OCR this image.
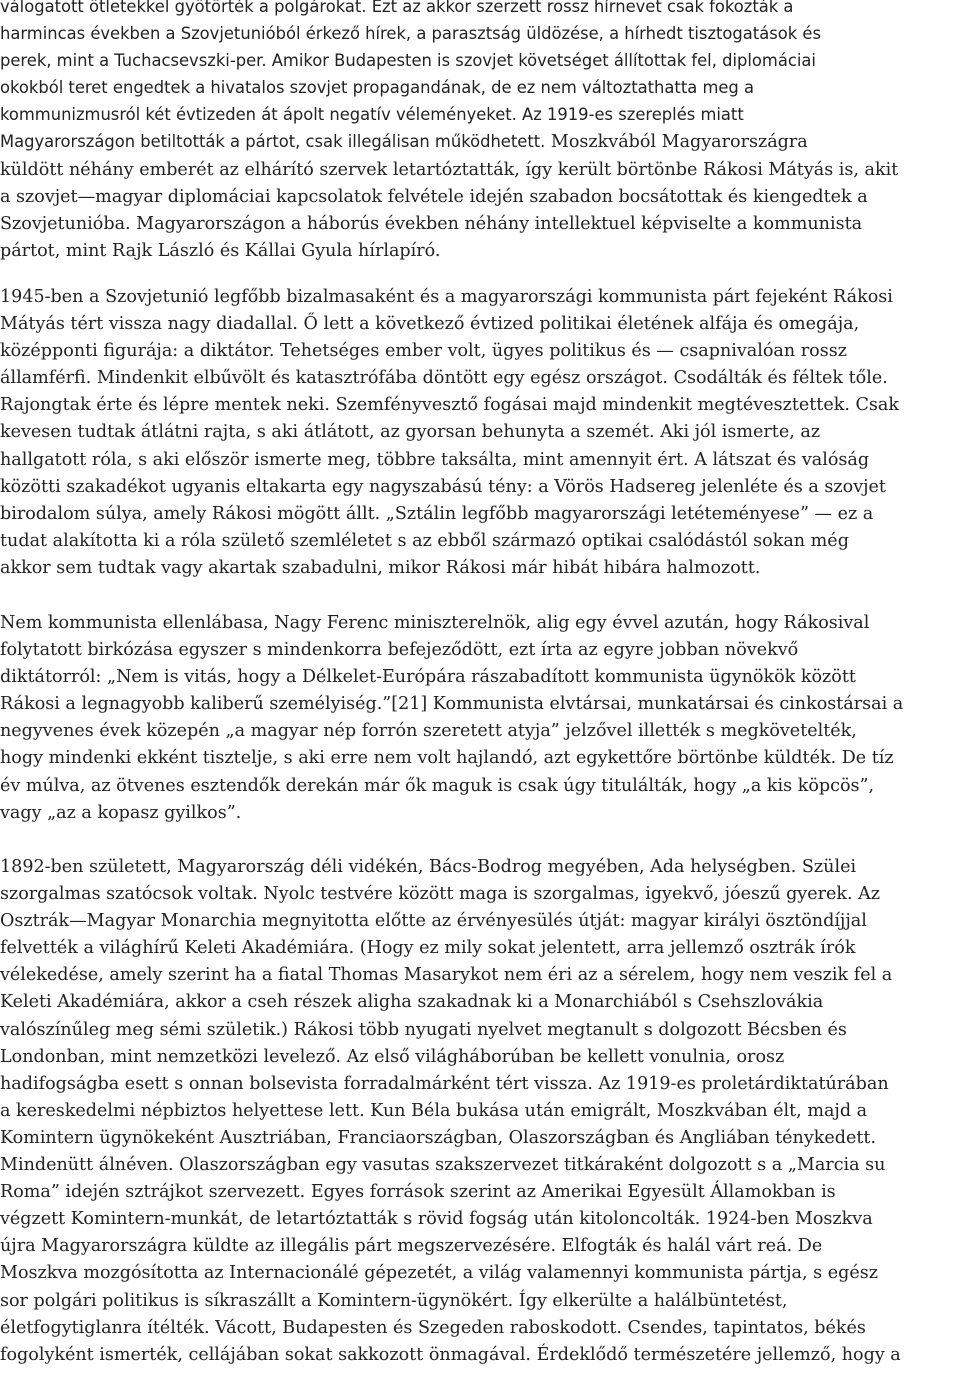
válogatott ötletekkel gyötörték a polgárokat. Ezt az akkor szerzett rossz hírnevet csak fokozták a
harmincas években a Szovjetunióból érkező hírek, a parasztság üldözése, a hírhedt tisztogatások és
perek, mint a Tuchacsevszki-per. Amikor Budapesten is szovjet követséget állítottak fel, diplomáciai
okokból teret engedtek a hivatalos szovjet propagandának, de ez nem változtathatta meg a
kommunizmusról két évtizeden át ápolt negatív véleményeket. Az 1919-es szereplés miatt
Magyarországon betiltották a pártot, csak illegálisan működhetett. Moszkvából Magyarországra
küldött néhány emberét az elhárító szervek letartóztatták, így került börtönbe Rákosi Mátyás is, akit
a szovjet—magyar diplomáciai kapcsolatok felvétele idején szabadon bocsátottak és kiengedtek a
Szovjetunióba. Magyarországon a háborús években néhány intellektuel képviselte a kommunista
pártot, mint Rajk László és Kállai Gyula hírlapíró.
1945-ben a Szovjetunió legfőbb bizalmasaként és a magyarországi kommunista párt fejeként Rákosi
Mátyás tért vissza nagy diadallal. Ő lett a következő évtized politikai életének alfája és omegája,
középponti figurája: a diktátor. Tehetséges ember volt, ügyes politikus és — csapnivalóan rossz
államférfi. Mindenkit elbűvölt és katasztrófába döntött egy egész országot. Csodálták és féltek tőle.
Rajongtak érte és lépre mentek neki. Szemfényvesztő fogásai majd mindenkit megtévesztettek. Csak
kevesen tudtak átlátni rajta, s aki átlátott, az gyorsan behunyta a szemét. Aki jól ismerte, az
hallgatott róla, s aki először ismerte meg, többre taksálta, mint amennyit ért. A látszat és valóság
közötti szakadékot ugyanis eltakarta egy nagyszabású tény: a Vörös Hadsereg jelenléte és a szovjet
birodalom súlya, amely Rákosi mögött állt. „Sztálin legfőbb magyarországi letéteményese” — ez a
tudat alakította ki a róla születő szemléletet s az ebből származó optikai csalódástól sokan még
akkor sem tudtak vagy akartak szabadulni, mikor Rákosi már hibát hibára halmozott.
Nem kommunista ellenlábasa, Nagy Ferenc miniszterelnök, alig egy évvel azután, hogy Rákosival
folytatott birkózása egyszer s mindenkorra befejeződött, ezt írta az egyre jobban növekvő
diktátorról: „Nem is vitás, hogy a Délkelet-Európára rászabadított kommunista ügynökök között
Rákosi a legnagyobb kaliberű személyiség.”[21] Kommunista elvtársai, munkatársai és cinkostársai a
negyvenes évek közepén „a magyar nép forrón szeretett atyja” jelzővel illették s megkövetelték,
hogy mindenki ekként tisztelje, s aki erre nem volt hajlandó, azt egykettőre börtönbe küldték. De tíz
év múlva, az ötvenes esztendők derekán már ők maguk is csak úgy titulálták, hogy „a kis köpcös”,
vagy „az a kopasz gyilkos”.
1892-ben született, Magyarország déli vidékén, Bács-Bodrog megyében, Ada helységben. Szülei
szorgalmas szatócsok voltak. Nyolc testvére között maga is szorgalmas, igyekvő, jóeszű gyerek. Az
Osztrák—Magyar Monarchia megnyitotta előtte az érvényesülés útját: magyar királyi ösztöndíjjal
felvették a világhírű Keleti Akadémiára. (Hogy ez mily sokat jelentett, arra jellemző osztrák írók
vélekedése, amely szerint ha a fiatal Thomas Masarykot nem éri az a sérelem, hogy nem veszik fel a
Keleti Akadémiára, akkor a cseh részek aligha szakadnak ki a Monarchiából s Csehszlovákia
valószínűleg meg sémi születik.) Rákosi több nyugati nyelvet megtanult s dolgozott Bécsben és
Londonban, mint nemzetközi levelező. Az első világháborúban be kellett vonulnia, orosz
hadifogságba esett s onnan bolsevista forradalmárként tért vissza. Az 1919-es proletárdiktatúrában
a kereskedelmi népbiztos helyettese lett. Kun Béla bukása után emigrált, Moszkvában élt, majd a
Komintern ügynökeként Ausztriában, Franciaországban, Olaszországban és Angliában ténykedett.
Mindenütt álnéven. Olaszországban egy vasutas szakszervezet titkáraként dolgozott s a „Marcia su
Roma” idején sztrájkot szervezett. Egyes források szerint az Amerikai Egyesült Államokban is
végzett Komintern-munkát, de letartóztatták s rövid fogság után kitoloncolták. 1924-ben Moszkva
újra Magyarországra küldte az illegális párt megszervezésére. Elfogták és halál várt reá. De
Moszkva mozgósította az Internacionálé gépezetét, a világ valamennyi kommunista pártja, s egész
sor polgári politikus is síkraszállt a Komintern-ügynökért. Így elkerülte a halálbüntetést,
életfogytiglanra ítélték. Vácott, Budapesten és Szegeden raboskodott. Csendes, tapintatos, békés
fogolyként ismerték, cellájában sokat sakkozott önmagával. Érdeklődő természetére jellemző, hogy a
